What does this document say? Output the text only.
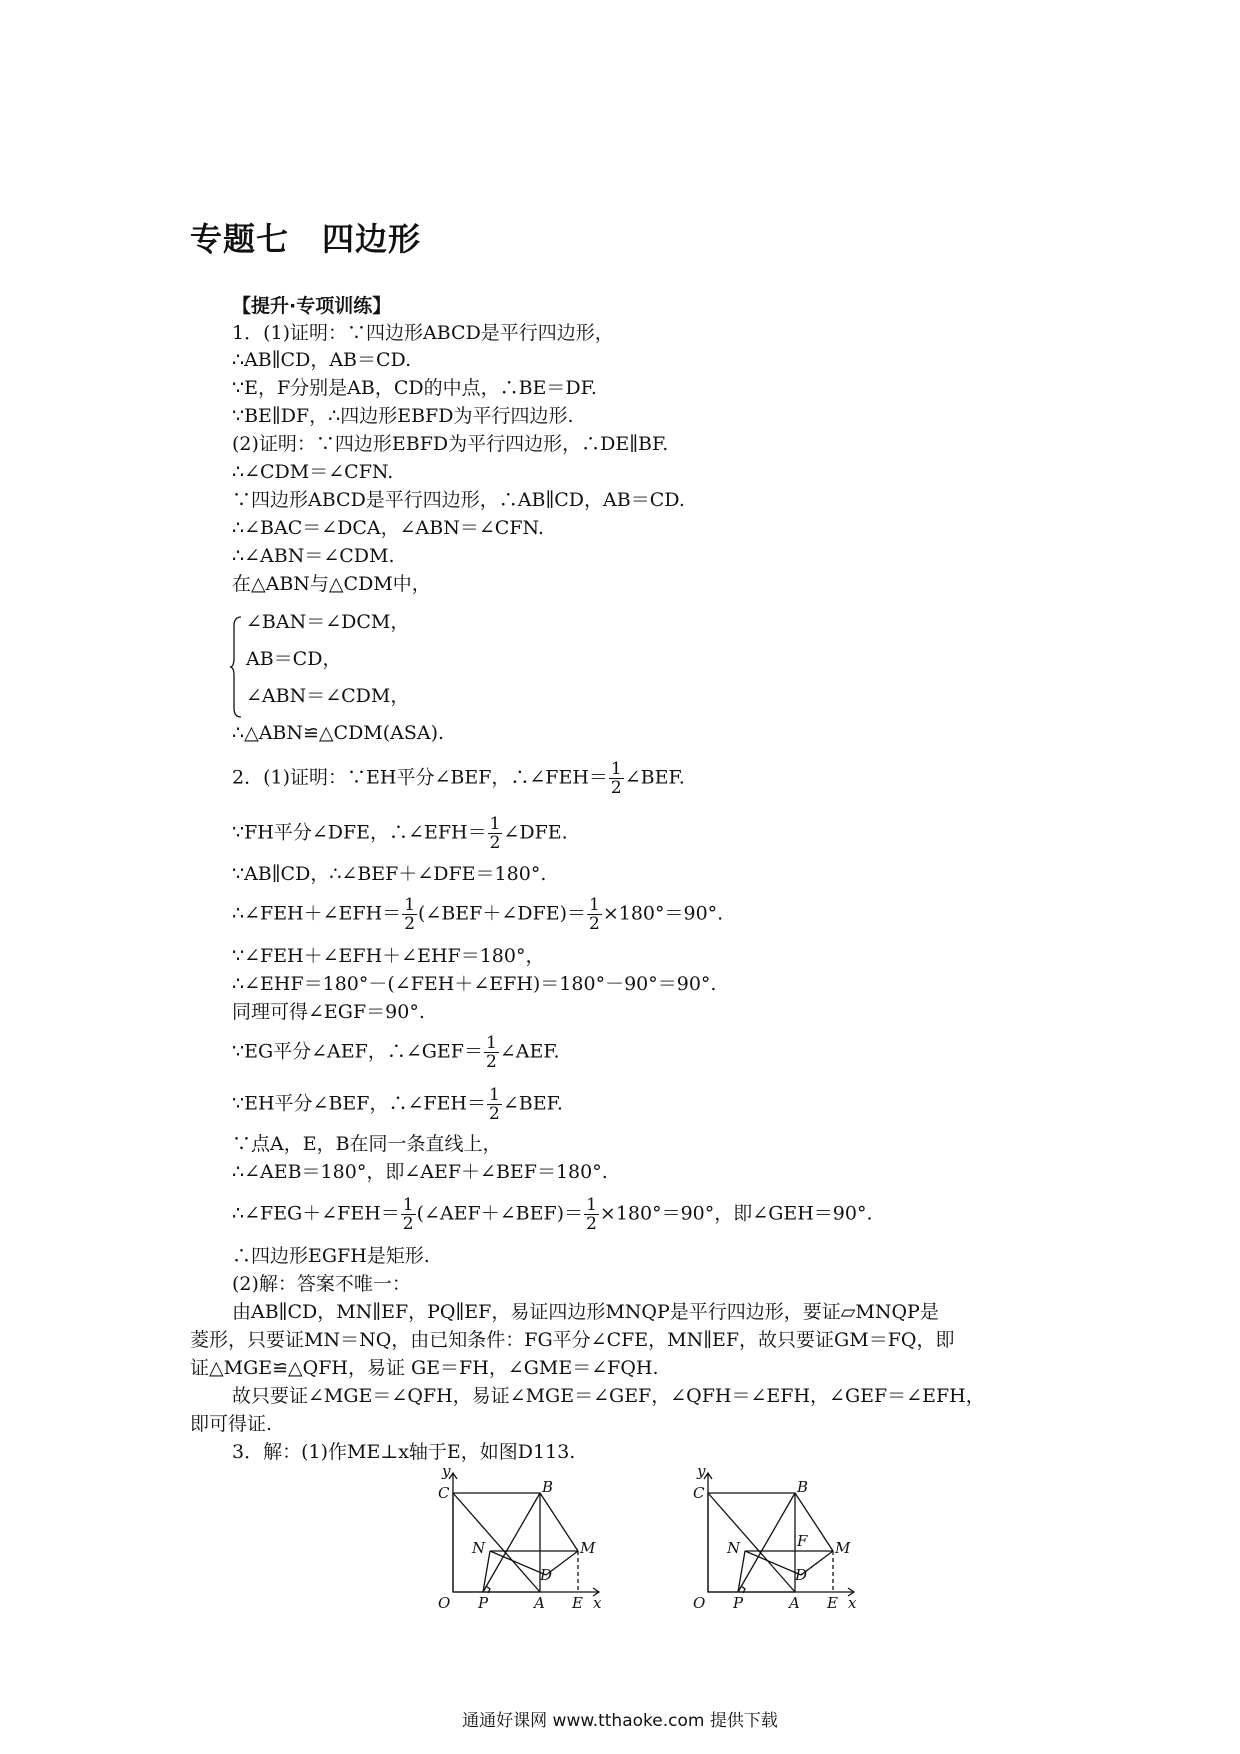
专题七　四边形
【提升·专项训练】
1．(1)证明：∵四边形ABCD是平行四边形，
∴AB∥CD，AB＝CD.
∵E，F分别是AB，CD的中点，∴BE＝DF.
∵BE∥DF，∴四边形EBFD为平行四边形.
(2)证明：∵四边形EBFD为平行四边形，∴DE∥BF.
∴∠CDM＝∠CFN.
∵四边形ABCD是平行四边形，∴AB∥CD，AB＝CD.
∴∠BAC＝∠DCA，∠ABN＝∠CFN.
∴∠ABN＝∠CDM.
在△ABN与△CDM中，
∠BAN＝∠DCM，
AB＝CD，
∠ABN＝∠CDM，
∴△ABN≌△CDM(ASA).
2．(1)证明：∵EH平分∠BEF，∴∠FEH＝ $\frac{1}{2}$ ∠BEF.
∵FH平分∠DFE，∴∠EFH＝ $\frac{1}{2}$ ∠DFE.
∵AB∥CD，∴∠BEF＋∠DFE＝180°.
∴∠FEH＋∠EFH＝ $\frac{1}{2}$ (∠BEF＋∠DFE)＝ $\frac{1}{2} \times 180^\circ=90^\circ$.
∵∠FEH＋∠EFH＋∠EHF＝180°，
∴∠EHF＝180°－(∠FEH＋∠EFH)＝180°－90°＝90°.
同理可得∠EGF＝90°.
∵EG平分∠AEF，∴∠GEF＝ $\frac{1}{2}$ ∠AEF.
∵EH平分∠BEF，∴∠FEH＝ $\frac{1}{2}$ ∠BEF.
∵点A，E，B在同一条直线上，
∴∠AEB＝180°，即∠AEF＋∠BEF＝180°.
∴∠FEG＋∠FEH＝ $\frac{1}{2}$ (∠AEF＋∠BEF)＝ $\frac{1}{2} \times 180^\circ=90^\circ$，即∠GEH＝90°.
∴四边形EGFH是矩形.
(2)解：答案不唯一：
由AB∥CD，MN∥EF，PQ∥EF，易证四边形MNQP是平行四边形，要证▱MNQP是
菱形，只要证MN＝NQ，由已知条件：FG平分∠CFE，MN∥EF，故只要证GM＝FQ，即
证△MGE≌△QFH，易证 GE＝FH，∠GME＝∠FQH.
故只要证∠MGE＝∠QFH，易证∠MGE＝∠GEF，∠QFH＝∠EFH，∠GEF＝∠EFH，
即可得证.
3．解：(1)作ME⊥x轴于E，如图D113.
y
C	B
N	M
D
O P	A E x
y
C	B
F
N	M
D
O P	A E x
通通好课网 www.tthaoke.com 提供下载
